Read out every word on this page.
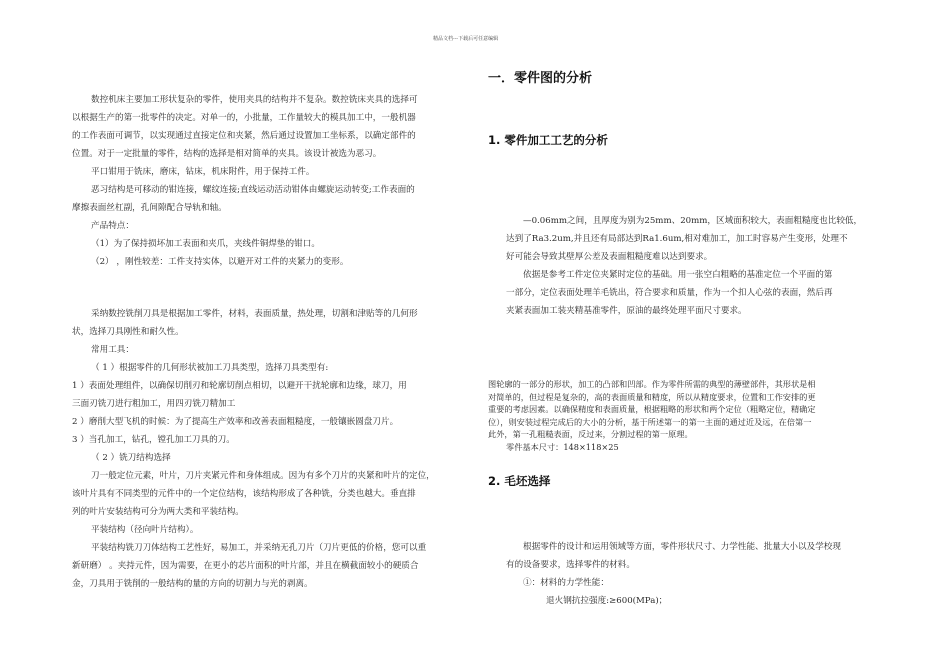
精品文档---下载后可任意编辑
数控机床主要加工形状复杂的零件，使用夹具的结构并不复杂。数控铣床夹具的选择可
以根据生产的第一批零件的决定。对单一的，小批量，工作量较大的模具加工中，一般机器
的工作表面可调节，以实现通过直接定位和夹紧，然后通过设置加工坐标系，以确定部件的
位置。对于一定批量的零件，结构的选择是相对简单的夹具。该设计被选为恶习。
平口钳用于铣床，磨床，钻床，机床附件，用于保持工件。
恶习结构是可移动的钳连接，螺纹连接;直线运动活动钳体由螺旋运动转变;工作表面的
摩擦表面丝杠副，孔间隙配合导轨和轴。
产品特点：
（1）为了保持损坏加工表面和夹爪，夹线件铜焊垫的钳口。
（2） ，刚性较差：工件支持实体，以避开对工件的夹紧力的变形。
采纳数控铣削刀具是根据加工零件，材料，表面质量，热处理，切割和津贴等的几何形
状，选择刀具刚性和耐久性。
常用工具：
（ 1 ）根据零件的几何形状被加工刀具类型，选择刀具类型有:
1 ）表面处理组件，以确保切削刃和轮廓切削点相切，以避开干扰轮廓和边缘，球刀，用
三面刃铣刀进行粗加工，用四刃铣刀精加工
2 ）磨削大型飞机的时候：为了提高生产效率和改善表面粗糙度，一般镶嵌圆盘刀片。
3 ）当孔加工，钻孔，镗孔加工刀具的刀。
（ 2 ）铣刀结构选择
刀一般定位元素，叶片，刀片夹紧元件和身体组成。因为有多个刀片的夹紧和叶片的定位，
该叶片具有不同类型的元件中的一个定位结构，该结构形成了各种铣，分类也越大。垂直排
列的叶片安装结构可分为两大类和平装结构。
平装结构（径向叶片结构）。
平装结构铣刀刀体结构工艺性好，易加工，并采纳无孔刀片（刀片更低的价格，您可以重
新研磨） 。夹持元件，因为需要，在更小的芯片面积的叶片部，并且在横截面较小的硬质合
金，刀具用于铣削的一般结构的量的方向的切割力与光的剥离。
一．零件图的分析
1. 零件加工工艺的分析
—0.06mm之间，且厚度为别为25mm、20mm，区域面积较大，表面粗糙度也比较低，
达到了Ra3.2um,并且还有局部达到Ra1.6um,相对难加工，加工时容易产生变形，处理不
好可能会导致其壁厚公差及表面粗糙度难以达到要求。
依据是参考工件定位夹紧时定位的基础。用一张空白粗略的基准定位一个平面的第
一部分，定位表面处理羊毛铣出，符合要求和质量，作为一个扣人心弦的表面，然后再
夹紧表面加工装夹精基准零件，原油的最终处理平面尺寸要求。
图轮廓的一部分的形状，加工的凸部和凹部。作为零件所需的典型的薄壁部件，其形状是相
对简单的，但过程是复杂的，高的表面质量和精度，所以从精度要求，位置和工作安排的更
重要的考虑因素。以确保精度和表面质量，根据粗略的形状和两个定位（粗略定位，精确定
位），则安装过程完成后的大小的分析，基于所述第一的第一主面的通过近及远，在倍第一
此外，第一孔粗糙表面，反过来，分割过程的第一原理。
零件基本尺寸：148×118×25
2. 毛坯选择
根据零件的设计和运用领域等方面，零件形状尺寸、力学性能、批量大小以及学校现
有的设备要求，选择零件的材料。
①：材料的力学性能：
退火钢抗拉强度:≥600(MPa)；
